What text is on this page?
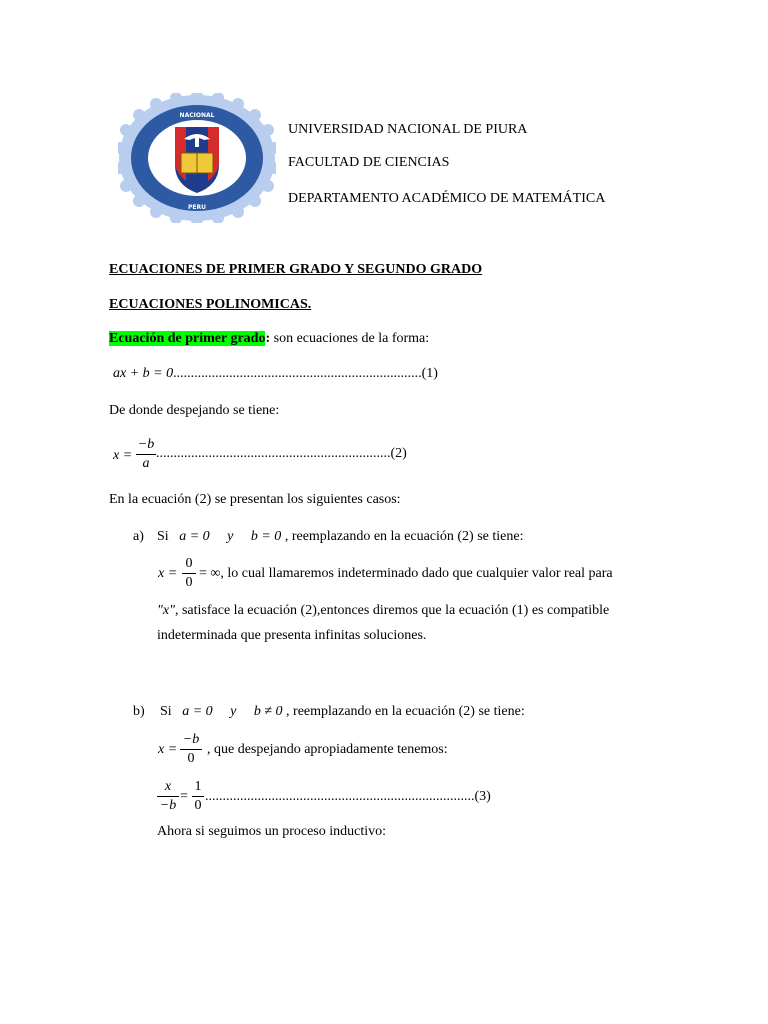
NACIONAL
PERU
UNIVERSIDAD NACIONAL DE PIURA
FACULTAD DE CIENCIAS
DEPARTAMENTO ACADÉMICO DE MATEMÁTICA
ECUACIONES DE PRIMER GRADO Y SEGUNDO GRADO
ECUACIONES POLINOMICAS.
Ecuación de primer grado: son ecuaciones de la forma:
ax + b = 0.......................................................................(1)
De donde despejando se tiene:
x =
−b
a
...................................................................(2)
En la ecuación (2) se presentan los siguientes casos:
a) Si a = 0 y b = 0 , reemplazando en la ecuación (2) se tiene:
x =
0
0
= ∞, lo cual llamaremos indeterminado dado que cualquier valor real para
"x", satisface la ecuación (2),entonces diremos que la ecuación (1) es compatible
indeterminada que presenta infinitas soluciones.
b) Si a = 0 y b ≠ 0 , reemplazando en la ecuación (2) se tiene:
x =
−b
0
, que despejando apropiadamente tenemos:
x
−b
=
1
0
.............................................................................(3)
Ahora si seguimos un proceso inductivo:
